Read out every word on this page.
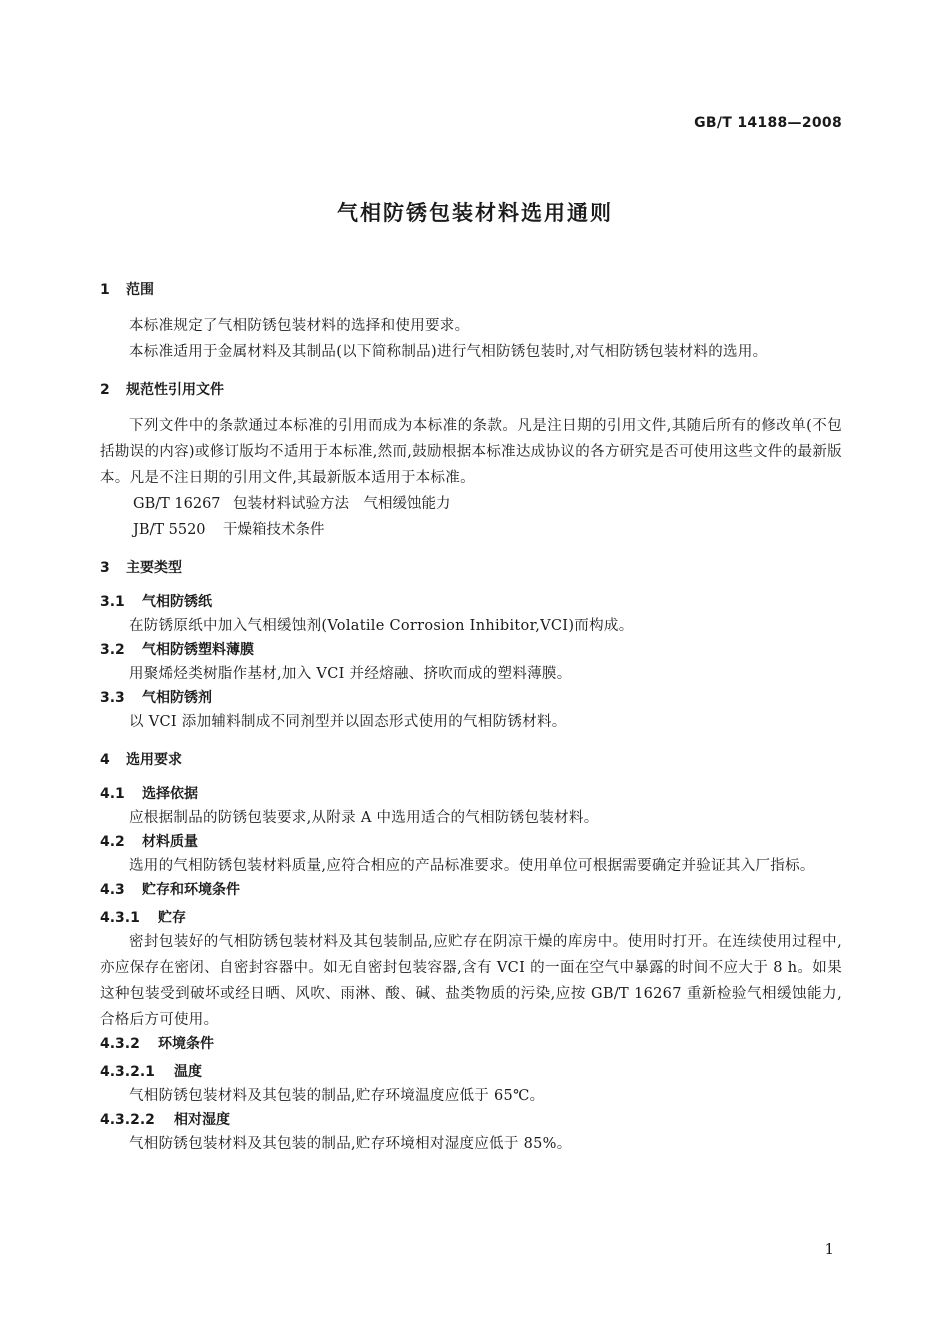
GB/T 14188—2008
气相防锈包装材料选用通则
1 范围
本标准规定了气相防锈包装材料的选择和使用要求。
本标准适用于金属材料及其制品(以下简称制品)进行气相防锈包装时,对气相防锈包装材料的选用。
2 规范性引用文件
下列文件中的条款通过本标准的引用而成为本标准的条款。凡是注日期的引用文件,其随后所有的修改单(不包括勘误的内容)或修订版均不适用于本标准,然而,鼓励根据本标准达成协议的各方研究是否可使用这些文件的最新版本。凡是不注日期的引用文件,其最新版本适用于本标准。
GB/T 16267 包装材料试验方法　气相缓蚀能力
JB/T 5520 干燥箱技术条件
3 主要类型
3.1 气相防锈纸
在防锈原纸中加入气相缓蚀剂(Volatile Corrosion Inhibitor,VCI)而构成。
3.2 气相防锈塑料薄膜
用聚烯烃类树脂作基材,加入 VCI 并经熔融、挤吹而成的塑料薄膜。
3.3 气相防锈剂
以 VCI 添加辅料制成不同剂型并以固态形式使用的气相防锈材料。
4 选用要求
4.1 选择依据
应根据制品的防锈包装要求,从附录 A 中选用适合的气相防锈包装材料。
4.2 材料质量
选用的气相防锈包装材料质量,应符合相应的产品标准要求。使用单位可根据需要确定并验证其入厂指标。
4.3 贮存和环境条件
4.3.1 贮存
密封包装好的气相防锈包装材料及其包装制品,应贮存在阴凉干燥的库房中。使用时打开。在连续使用过程中,亦应保存在密闭、自密封容器中。如无自密封包装容器,含有 VCI 的一面在空气中暴露的时间不应大于 8 h。如果这种包装受到破坏或经日晒、风吹、雨淋、酸、碱、盐类物质的污染,应按 GB/T 16267 重新检验气相缓蚀能力,合格后方可使用。
4.3.2 环境条件
4.3.2.1 温度
气相防锈包装材料及其包装的制品,贮存环境温度应低于 65℃。
4.3.2.2 相对湿度
气相防锈包装材料及其包装的制品,贮存环境相对湿度应低于 85%。
1
